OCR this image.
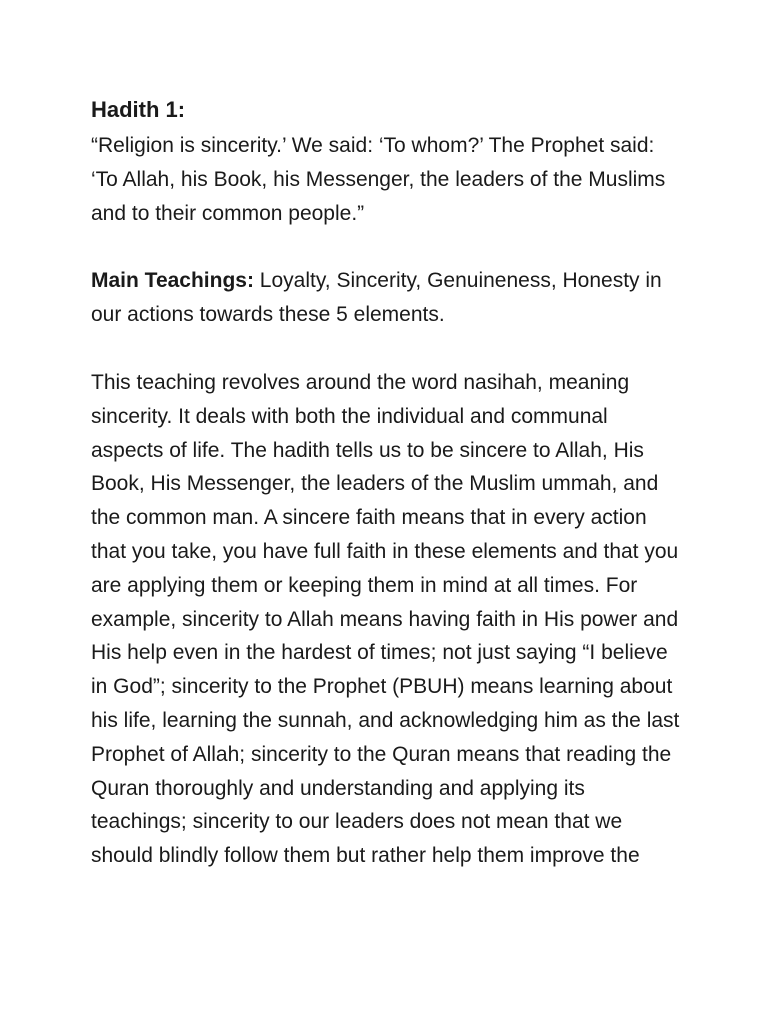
Hadith 1:

“Religion is sincerity.’ We said: ‘To whom?’ The Prophet said: ‘To Allah, his Book, his Messenger, the leaders of the Muslims and to their common people.”

Main Teachings: Loyalty, Sincerity, Genuineness, Honesty in our actions towards these 5 elements.

This teaching revolves around the word nasihah, meaning sincerity. It deals with both the individual and communal aspects of life. The hadith tells us to be sincere to Allah, His Book, His Messenger, the leaders of the Muslim ummah, and the common man. A sincere faith means that in every action that you take, you have full faith in these elements and that you are applying them or keeping them in mind at all times. For example, sincerity to Allah means having faith in His power and His help even in the hardest of times; not just saying “I believe in God”; sincerity to the Prophet (PBUH) means learning about his life, learning the sunnah, and acknowledging him as the last Prophet of Allah; sincerity to the Quran means that reading the Quran thoroughly and understanding and applying its teachings; sincerity to our leaders does not mean that we should blindly follow them but rather help them improve the
